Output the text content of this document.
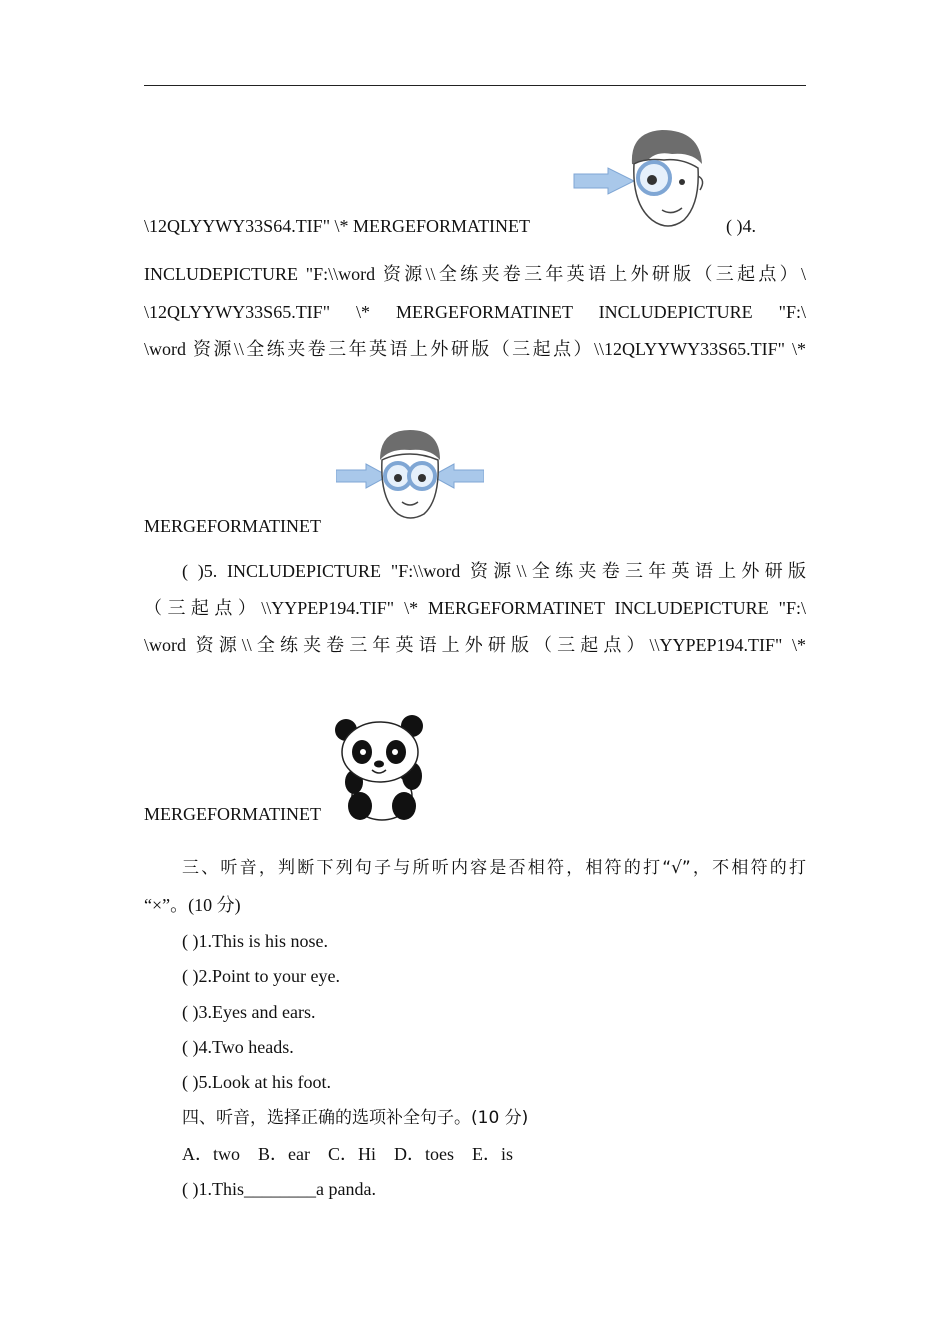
\12QLYYWY33S64.TIF" \* MERGEFORMATINET	( )4.
INCLUDEPICTURE "F:\\word 资源\\全练夹卷三年英语上外研版（三起点）\
\12QLYYWY33S65.TIF" \* MERGEFORMATINET INCLUDEPICTURE "F:\
\word 资源\\全练夹卷三年英语上外研版（三起点）\\12QLYYWY33S65.TIF" \*
MERGEFORMATINET
( )5. INCLUDEPICTURE "F:\\word 资源\\全练夹卷三年英语上外研版
（三起点）\\YYPEP194.TIF" \* MERGEFORMATINET INCLUDEPICTURE "F:\
\word 资源\\全练夹卷三年英语上外研版（三起点）\\YYPEP194.TIF" \*
MERGEFORMATINET
三、听音，判断下列句子与所听内容是否相符，相符的打“√”，不相符的打
“×”。(10 分)
( )1.This is his nose.
( )2.Point to your eye.
( )3.Eyes and ears.
( )4.Two heads.
( )5.Look at his foot.
四、听音，选择正确的选项补全句子。(10 分)
A．two    B．ear    C．Hi    D．toes    E．is
( )1.This________a panda.
